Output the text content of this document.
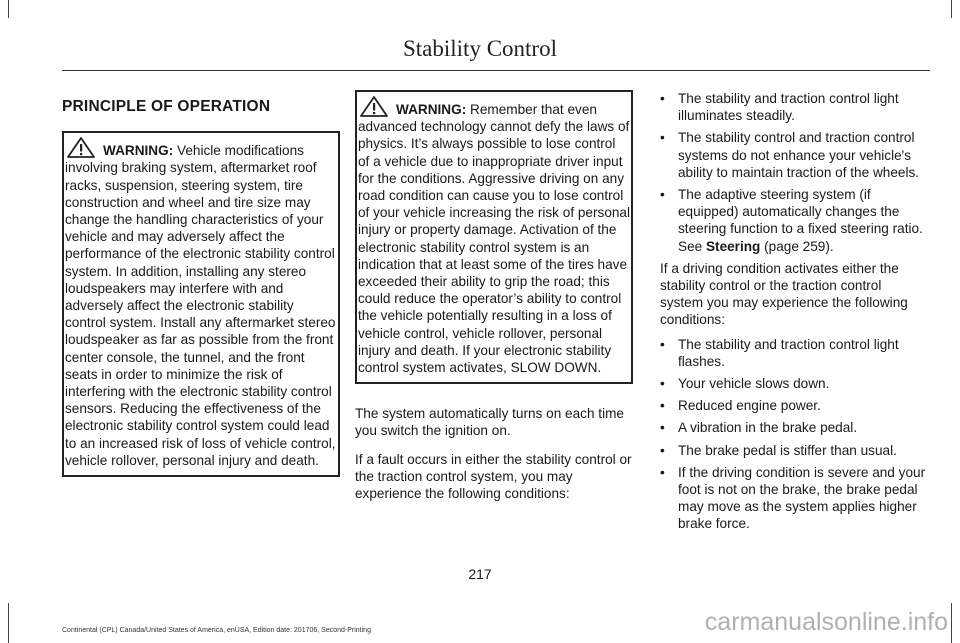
Stability Control
PRINCIPLE OF OPERATION

WARNING: Vehicle modifications involving braking system, aftermarket roof racks, suspension, steering system, tire construction and wheel and tire size may change the handling characteristics of your vehicle and may adversely affect the performance of the electronic stability control system. In addition, installing any stereo loudspeakers may interfere with and adversely affect the electronic stability control system. Install any aftermarket stereo loudspeaker as far as possible from the front center console, the tunnel, and the front seats in order to minimize the risk of interfering with the electronic stability control sensors. Reducing the effectiveness of the electronic stability control system could lead to an increased risk of loss of vehicle control, vehicle rollover, personal injury and death.

WARNING: Remember that even advanced technology cannot defy the laws of physics. It’s always possible to lose control of a vehicle due to inappropriate driver input for the conditions. Aggressive driving on any road condition can cause you to lose control of your vehicle increasing the risk of personal injury or property damage. Activation of the electronic stability control system is an indication that at least some of the tires have exceeded their ability to grip the road; this could reduce the operator’s ability to control the vehicle potentially resulting in a loss of vehicle control, vehicle rollover, personal injury and death. If your electronic stability control system activates, SLOW DOWN.

The system automatically turns on each time you switch the ignition on.

If a fault occurs in either the stability control or the traction control system, you may experience the following conditions:

• The stability and traction control light illuminates steadily.
• The stability control and traction control systems do not enhance your vehicle's ability to maintain traction of the wheels.
• The adaptive steering system (if equipped) automatically changes the steering function to a fixed steering ratio. See Steering (page 259).

If a driving condition activates either the stability control or the traction control system you may experience the following conditions:

• The stability and traction control light flashes.
• Your vehicle slows down.
• Reduced engine power.
• A vibration in the brake pedal.
• The brake pedal is stiffer than usual.
• If the driving condition is severe and your foot is not on the brake, the brake pedal may move as the system applies higher brake force.
217
Continental (CPL) Canada/United States of America, enUSA, Edition date: 201706, Second-Printing	carmanualsonline.info
